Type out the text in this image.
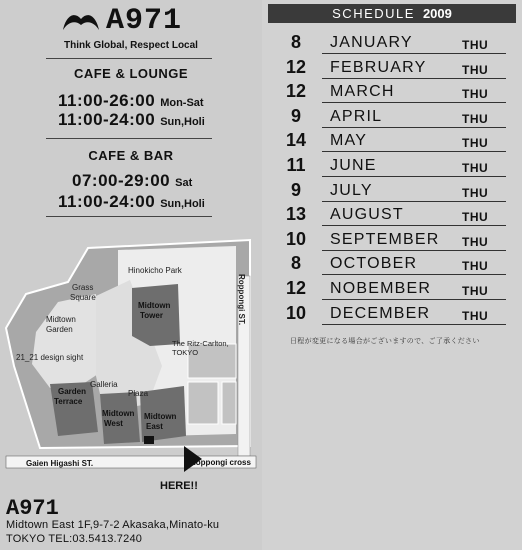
A971
Think Global, Respect Local
CAFE & LOUNGE
11:00-26:00 Mon-Sat
11:00-24:00 Sun,Holi
CAFE & BAR
07:00-29:00 Sat
11:00-24:00 Sun,Holi
Hinokicho Park
Roppongi ST.
Grass
Square
Midtown
Garden
Midtown
Tower
The Ritz-Carlton,
TOKYO
21_21 design sight
Galleria
Plaza
Garden
Terrace
Midtown
West
Midtown
East
Gaien Higashi ST.	Roppongi cross
HERE!!
A971
Midtown East 1F,9-7-2 Akasaka,Minato-ku
TOKYO TEL:03.5413.7240
SCHEDULE 2009
8	JANUARY	THU
12 FEBRUARY	THU
12 MARCH	THU
9	APRIL	THU
14 MAY	THU
11 JUNE	THU
9	JULY	THU
13 AUGUST	THU
10 SEPTEMBER THU
8	OCTOBER	THU
12 NOBEMBER	THU
10 DECEMBER	THU
日程が変更になる場合がございますので、ご了承ください
